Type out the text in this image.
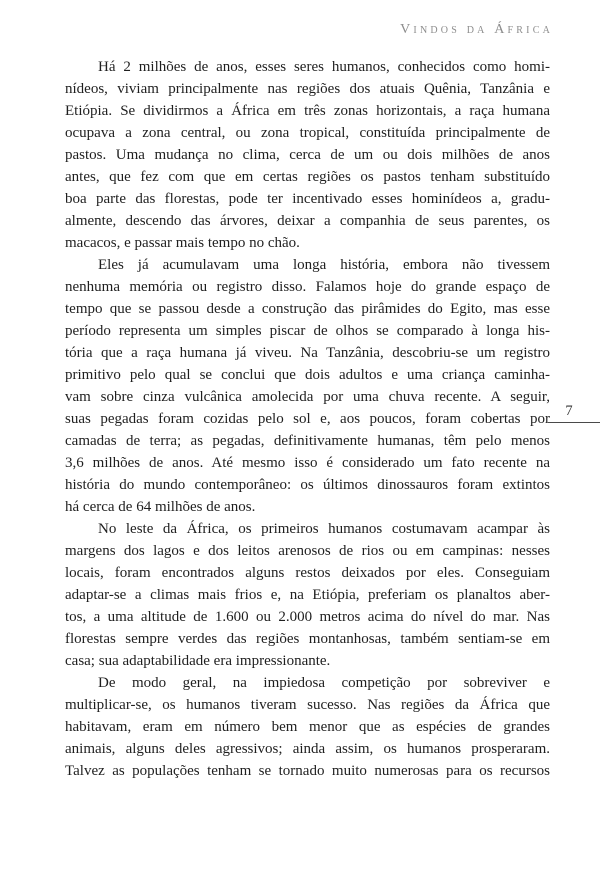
Vindos da África
Há 2 milhões de anos, esses seres humanos, conhecidos como homi-
nídeos, viviam principalmente nas regiões dos atuais Quênia, Tanzânia e
Etiópia. Se dividirmos a África em três zonas horizontais, a raça humana
ocupava a zona central, ou zona tropical, constituída principalmente de
pastos. Uma mudança no clima, cerca de um ou dois milhões de anos
antes, que fez com que em certas regiões os pastos tenham substituído
boa parte das florestas, pode ter incentivado esses hominídeos a, gradu-
almente, descendo das árvores, deixar a companhia de seus parentes, os
macacos, e passar mais tempo no chão.
Eles já acumulavam uma longa história, embora não tivessem
nenhuma memória ou registro disso. Falamos hoje do grande espaço de
tempo que se passou desde a construção das pirâmides do Egito, mas esse
período representa um simples piscar de olhos se comparado à longa his-
tória que a raça humana já viveu. Na Tanzânia, descobriu-se um registro
primitivo pelo qual se conclui que dois adultos e uma criança caminha-
vam sobre cinza vulcânica amolecida por uma chuva recente. A seguir,
suas pegadas foram cozidas pelo sol e, aos poucos, foram cobertas por
camadas de terra; as pegadas, definitivamente humanas, têm pelo menos
3,6 milhões de anos. Até mesmo isso é considerado um fato recente na
história do mundo contemporâneo: os últimos dinossauros foram extintos
há cerca de 64 milhões de anos.
No leste da África, os primeiros humanos costumavam acampar às
margens dos lagos e dos leitos arenosos de rios ou em campinas: nesses
locais, foram encontrados alguns restos deixados por eles. Conseguiam
adaptar-se a climas mais frios e, na Etiópia, preferiam os planaltos aber-
tos, a uma altitude de 1.600 ou 2.000 metros acima do nível do mar. Nas
florestas sempre verdes das regiões montanhosas, também sentiam-se em
casa; sua adaptabilidade era impressionante.
De modo geral, na impiedosa competição por sobreviver e
multiplicar-se, os humanos tiveram sucesso. Nas regiões da África que
habitavam, eram em número bem menor que as espécies de grandes
animais, alguns deles agressivos; ainda assim, os humanos prosperaram.
Talvez as populações tenham se tornado muito numerosas para os recursos
7
